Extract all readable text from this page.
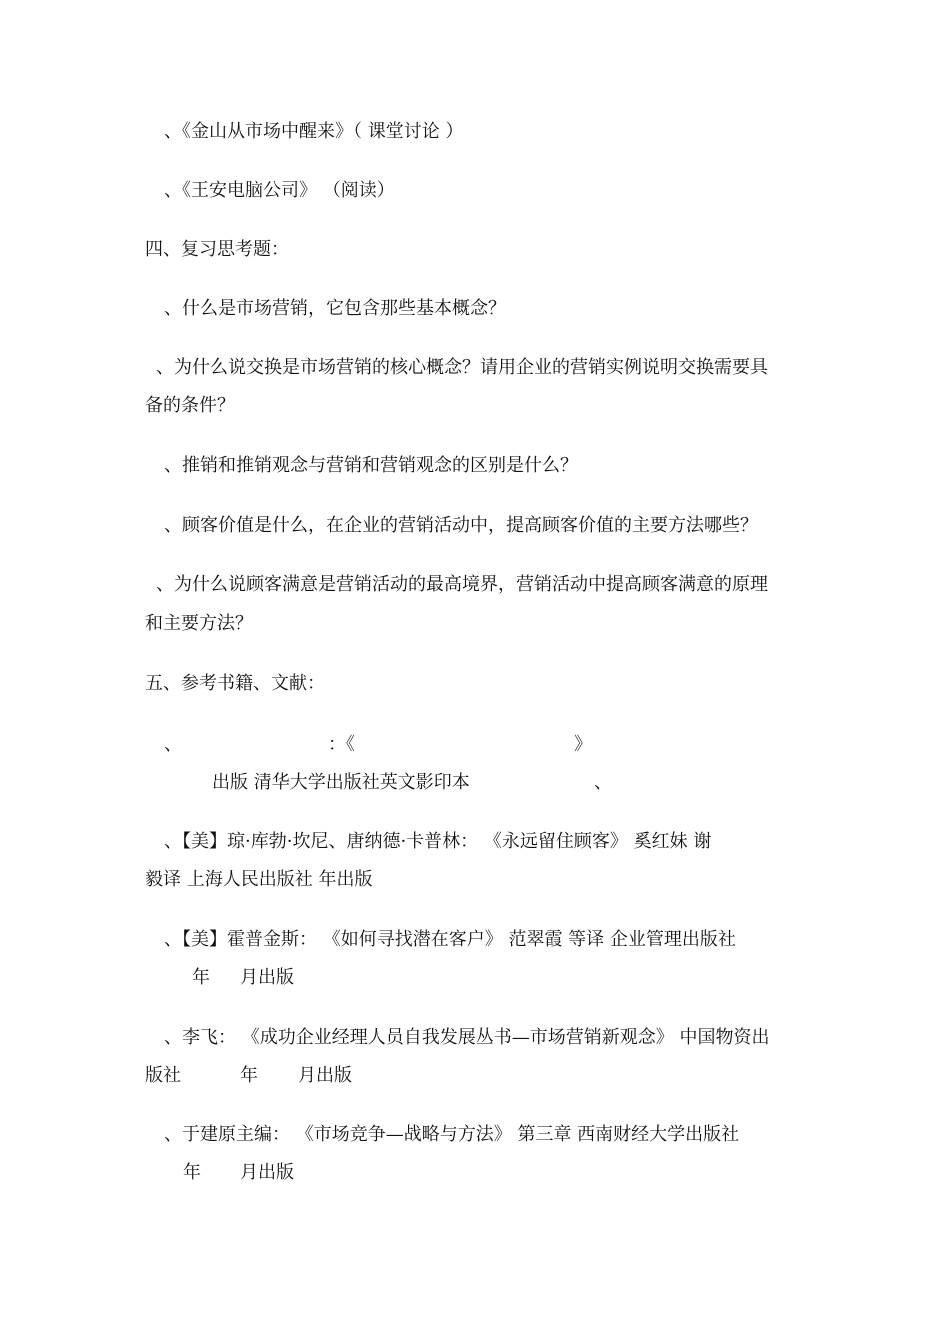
、《金山从市场中醒来》（ 课堂讨论 ）
、《王安电脑公司》 （阅读）
四、复习思考题：
、什么是市场营销，它包含那些基本概念？
、为什么说交换是市场营销的核心概念？请用企业的营销实例说明交换需要具
备的条件？
、推销和推销观念与营销和营销观念的区别是什么？
、顾客价值是什么，在企业的营销活动中，提高顾客价值的主要方法哪些？
、为什么说顾客满意是营销活动的最高境界，营销活动中提高顾客满意的原理
和主要方法？
五、参考书籍、文献：
、	：《	》
出版 清华大学出版社英文影印本	、
、【美】琼·库勃·坎尼、唐纳德·卡普林： 《永远留住顾客》 奚红妹 谢
毅译 上海人民出版社 年出版
、【美】霍普金斯： 《如何寻找潜在客户》 范翠霞 等译 企业管理出版社
年 月出版
、李飞： 《成功企业经理人员自我发展丛书—市场营销新观念》 中国物资出
版社	年 月出版
、于建原主编： 《市场竞争—战略与方法》 第三章 西南财经大学出版社
年 月出版
